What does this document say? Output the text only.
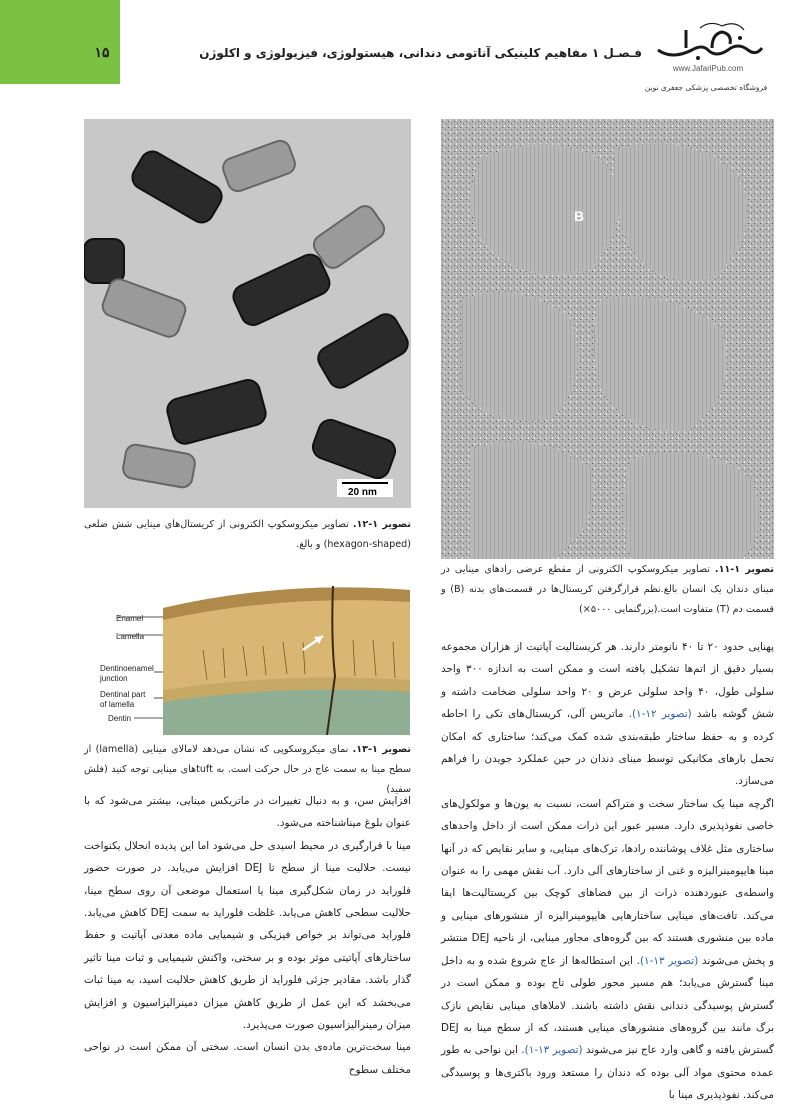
۱۵	فـصـل ۱ مفاهیم کلینیکی آناتومی دندانی، هیستولوژی، فیزیولوژی و اکلوژن
www.JafariPub.com
فروشگاه تخصصی پزشکی جعفری نوین
B
تصویر ۱-۱۱. تصاویر میکروسکوپ الکترونی از مقطع عرضی رادهای مینایی در مینای دندان یک انسان بالغ.نظم قرارگرفتن کریستال‌ها در قسمت‌های بدنه (B) و قسمت دم (T) متفاوت است.(بزرگنمایی ۵۰۰۰×)
20 nm
تصویر ۱-۱۲. تصاویر میکروسکوپ الکترونی از کریستال‌های مینایی شش ضلعی (hexagon-shaped) و بالغ.
Enamel
Lamella
Dentinoenamel
junction
Dentinal part
of lamella
Dentin
تصویر ۱-۱۳. نمای میکروسکوپی که نشان می‌دهد لامالای مینایی (lamella) از سطح مینا به سمت عاج در حال حرکت است. به tuftهای مینایی توجه کنید (فلش سفید)

پهنایی حدود ۲۰ تا ۴۰ نانومتر دارند. هر کریستالیت آپاتیت از هزاران مجموعه بسیار دقیق از اتم‌ها تشکیل یافته است و ممکن است به اندازه ۳۰۰ واحد سلولی طول، ۴۰ واحد سلولی عرض و ۲۰ واحد سلولی ضخامت داشته و شش گوشه باشد (تصویر ۱۲-۱). ماتریس آلی، کریستال‌های تکی را احاطه کرده و به حفظ ساختار طبقه‌بندی شده کمک می‌کند؛ ساختاری که امکان تحمل بارهای مکانیکی توسط مینای دندان در حین عملکرد جویدن را فراهم می‌سازد.

اگرچه مینا یک ساختار سخت و متراکم است، نسبت به یون‌ها و مولکول‌های خاصی نفوذپذیری دارد. مسیر عبور این ذرات ممکن است از داخل واحدهای ساختاری مثل غلاف پوشاننده رادها، ترک‌های مینایی، و سایر نقایص که در آنها مینا هایپومینرالیزه و غنی از ساختارهای آلی دارد. آب نقش مهمی را به عنوان واسطه‌ی عبوردهنده ذرات از بین فضاهای کوچک بین کریستالیت‌ها ایفا می‌کند. تافت‌های مینایی ساختارهایی هایپومینرالیزه از منشورهای مینایی و ماده بین منشوری هستند که بین گروه‌های مجاور مینایی، از ناحیه DEJ منتشر و پخش می‌شوند (تصویر ۱۳-۱). این استطاله‌ها از عاج شروع شده و به داخل مینا گسترش می‌یابد؛ هم مسیر محور طولی تاج بوده و ممکن است در گسترش پوسیدگی دندانی نقش داشته باشند. لاملاهای مینایی نقایص نازک برگ مانند بین گروه‌های منشورهای مینایی هستند، که از سطح مینا به DEJ گسترش یافته و گاهی وارد عاج نیز می‌شوند (تصویر ۱۳-۱). این نواحی به طور عمده محتوی مواد آلی بوده که دندان را مستعد ورود باکتری‌ها و پوسیدگی می‌کند. نفوذپذیری مینا با

افزایش سن، و به دنبال تغییرات در ماتریکس مینایی، بیشتر می‌شود که با عنوان بلوغ میناشناخته می‌شود.

مینا با قرارگیری در محیط اسیدی حل می‌شود اما این پدیده انحلال یکنواخت نیست. حلالیت مینا از سطح تا DEJ افزایش می‌یابد. در صورت حضور فلوراید در زمان شکل‌گیری مینا یا استعمال موضعی آن روی سطح مینا، حلالیت سطحی کاهش می‌یابد. غلظت فلوراید به سمت DEJ کاهش می‌یابد. فلوراید می‌تواند بر خواص فیزیکی و شیمیایی ماده معدنی آپاتیت و حفظ ساختارهای آپاتیتی موثر بوده و بر سختی، واکنش شیمیایی و ثبات مینا تاثیر گذار باشد. مقادیر جزئی فلوراید از طریق کاهش حلالیت اسید، به مینا ثبات می‌بخشد که این عمل از طریق کاهش میزان دمینرالیزاسیون و افزایش میزان رمینرالیزاسیون صورت می‌پذیرد.

مینا سخت‌ترین ماده‌ی بدن انسان است. سختی آن ممکن است در نواحی مختلف سطوح
